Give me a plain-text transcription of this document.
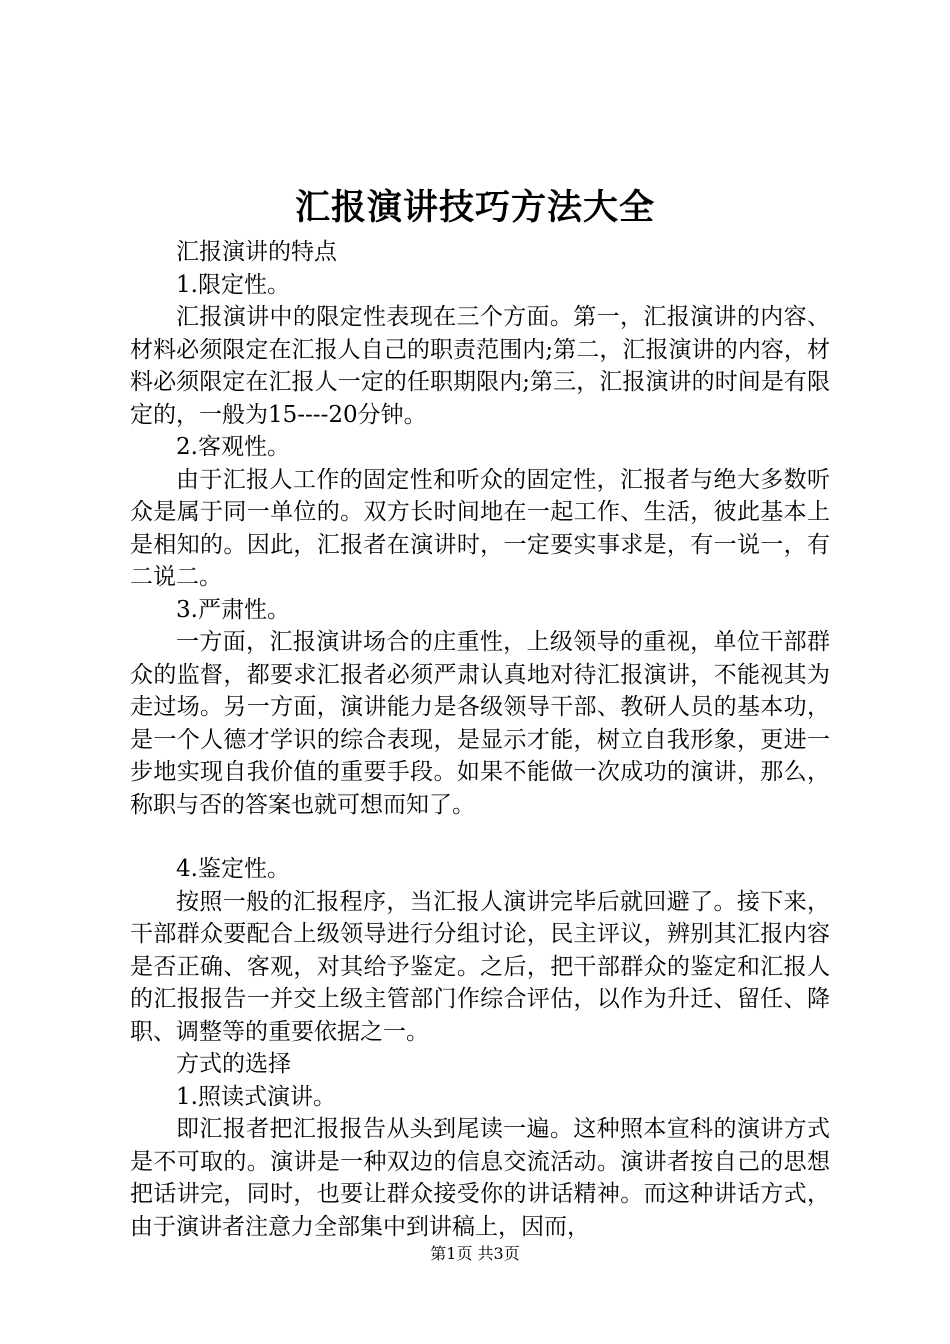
汇报演讲技巧方法大全

汇报演讲的特点

1.限定性。

汇报演讲中的限定性表现在三个方面。第一，汇报演讲的内容、材料必须限定在汇报人自己的职责范围内;第二，汇报演讲的内容，材料必须限定在汇报人一定的任职期限内;第三，汇报演讲的时间是有限定的，一般为15----20分钟。

2.客观性。

由于汇报人工作的固定性和听众的固定性，汇报者与绝大多数听众是属于同一单位的。双方长时间地在一起工作、生活，彼此基本上是相知的。因此，汇报者在演讲时，一定要实事求是，有一说一，有二说二。

3.严肃性。

一方面，汇报演讲场合的庄重性，上级领导的重视，单位干部群众的监督，都要求汇报者必须严肃认真地对待汇报演讲，不能视其为走过场。另一方面，演讲能力是各级领导干部、教研人员的基本功，是一个人德才学识的综合表现，是显示才能，树立自我形象，更进一步地实现自我价值的重要手段。如果不能做一次成功的演讲，那么，称职与否的答案也就可想而知了。

4.鉴定性。

按照一般的汇报程序，当汇报人演讲完毕后就回避了。接下来，干部群众要配合上级领导进行分组讨论，民主评议，辨别其汇报内容是否正确、客观，对其给予鉴定。之后，把干部群众的鉴定和汇报人的汇报报告一并交上级主管部门作综合评估，以作为升迁、留任、降职、调整等的重要依据之一。

方式的选择

1.照读式演讲。

即汇报者把汇报报告从头到尾读一遍。这种照本宣科的演讲方式是不可取的。演讲是一种双边的信息交流活动。演讲者按自己的思想把话讲完，同时，也要让群众接受你的讲话精神。而这种讲话方式，由于演讲者注意力全部集中到讲稿上，因而，

第1页 共3页
